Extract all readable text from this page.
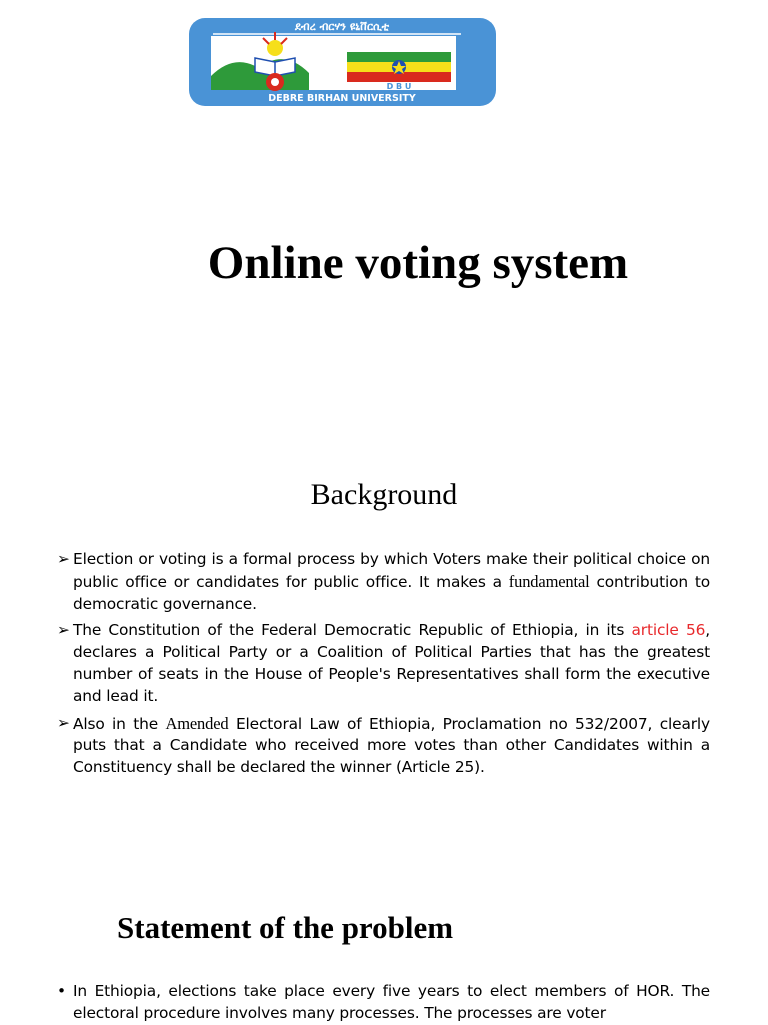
ደብረ ብርሃን ዩኒቨርሲቲ
D B U
DEBRE BIRHAN UNIVERSITY
Online voting system
Background
➢ Election or voting is a formal process by which Voters make their political choice on public office or candidates for public office. It makes a fundamental contribution to democratic governance.
➢ The Constitution of the Federal Democratic Republic of Ethiopia, in its article 56, declares a Political Party or a Coalition of Political Parties that has the greatest number of seats in the House of People's Representatives shall form the executive and lead it.
➢ Also in the Amended Electoral Law of Ethiopia, Proclamation no 532/2007, clearly puts that a Candidate who received more votes than other Candidates within a Constituency shall be declared the winner (Article 25).
Statement of the problem
• In Ethiopia, elections take place every five years to elect members of HOR. The electoral procedure involves many processes. The processes are voter
